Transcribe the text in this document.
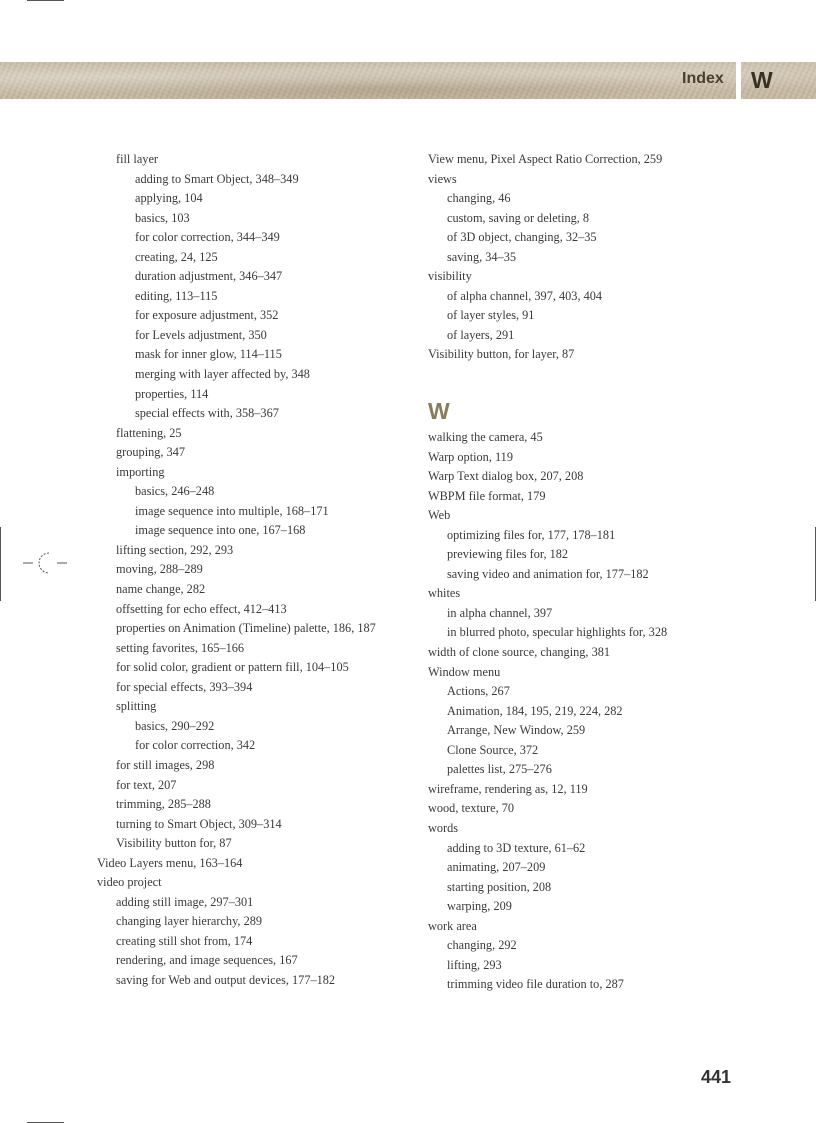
Index W
fill layer
adding to Smart Object, 348–349
applying, 104
basics, 103
for color correction, 344–349
creating, 24, 125
duration adjustment, 346–347
editing, 113–115
for exposure adjustment, 352
for Levels adjustment, 350
mask for inner glow, 114–115
merging with layer affected by, 348
properties, 114
special effects with, 358–367
flattening, 25
grouping, 347
importing
basics, 246–248
image sequence into multiple, 168–171
image sequence into one, 167–168
lifting section, 292, 293
moving, 288–289
name change, 282
offsetting for echo effect, 412–413
properties on Animation (Timeline) palette, 186, 187
setting favorites, 165–166
for solid color, gradient or pattern fill, 104–105
for special effects, 393–394
splitting
basics, 290–292
for color correction, 342
for still images, 298
for text, 207
trimming, 285–288
turning to Smart Object, 309–314
Visibility button for, 87
Video Layers menu, 163–164
video project
adding still image, 297–301
changing layer hierarchy, 289
creating still shot from, 174
rendering, and image sequences, 167
saving for Web and output devices, 177–182
View menu, Pixel Aspect Ratio Correction, 259
views
changing, 46
custom, saving or deleting, 8
of 3D object, changing, 32–35
saving, 34–35
visibility
of alpha channel, 397, 403, 404
of layer styles, 91
of layers, 291
Visibility button, for layer, 87
W
walking the camera, 45
Warp option, 119
Warp Text dialog box, 207, 208
WBPM file format, 179
Web
optimizing files for, 177, 178–181
previewing files for, 182
saving video and animation for, 177–182
whites
in alpha channel, 397
in blurred photo, specular highlights for, 328
width of clone source, changing, 381
Window menu
Actions, 267
Animation, 184, 195, 219, 224, 282
Arrange, New Window, 259
Clone Source, 372
palettes list, 275–276
wireframe, rendering as, 12, 119
wood, texture, 70
words
adding to 3D texture, 61–62
animating, 207–209
starting position, 208
warping, 209
work area
changing, 292
lifting, 293
trimming video file duration to, 287
441
